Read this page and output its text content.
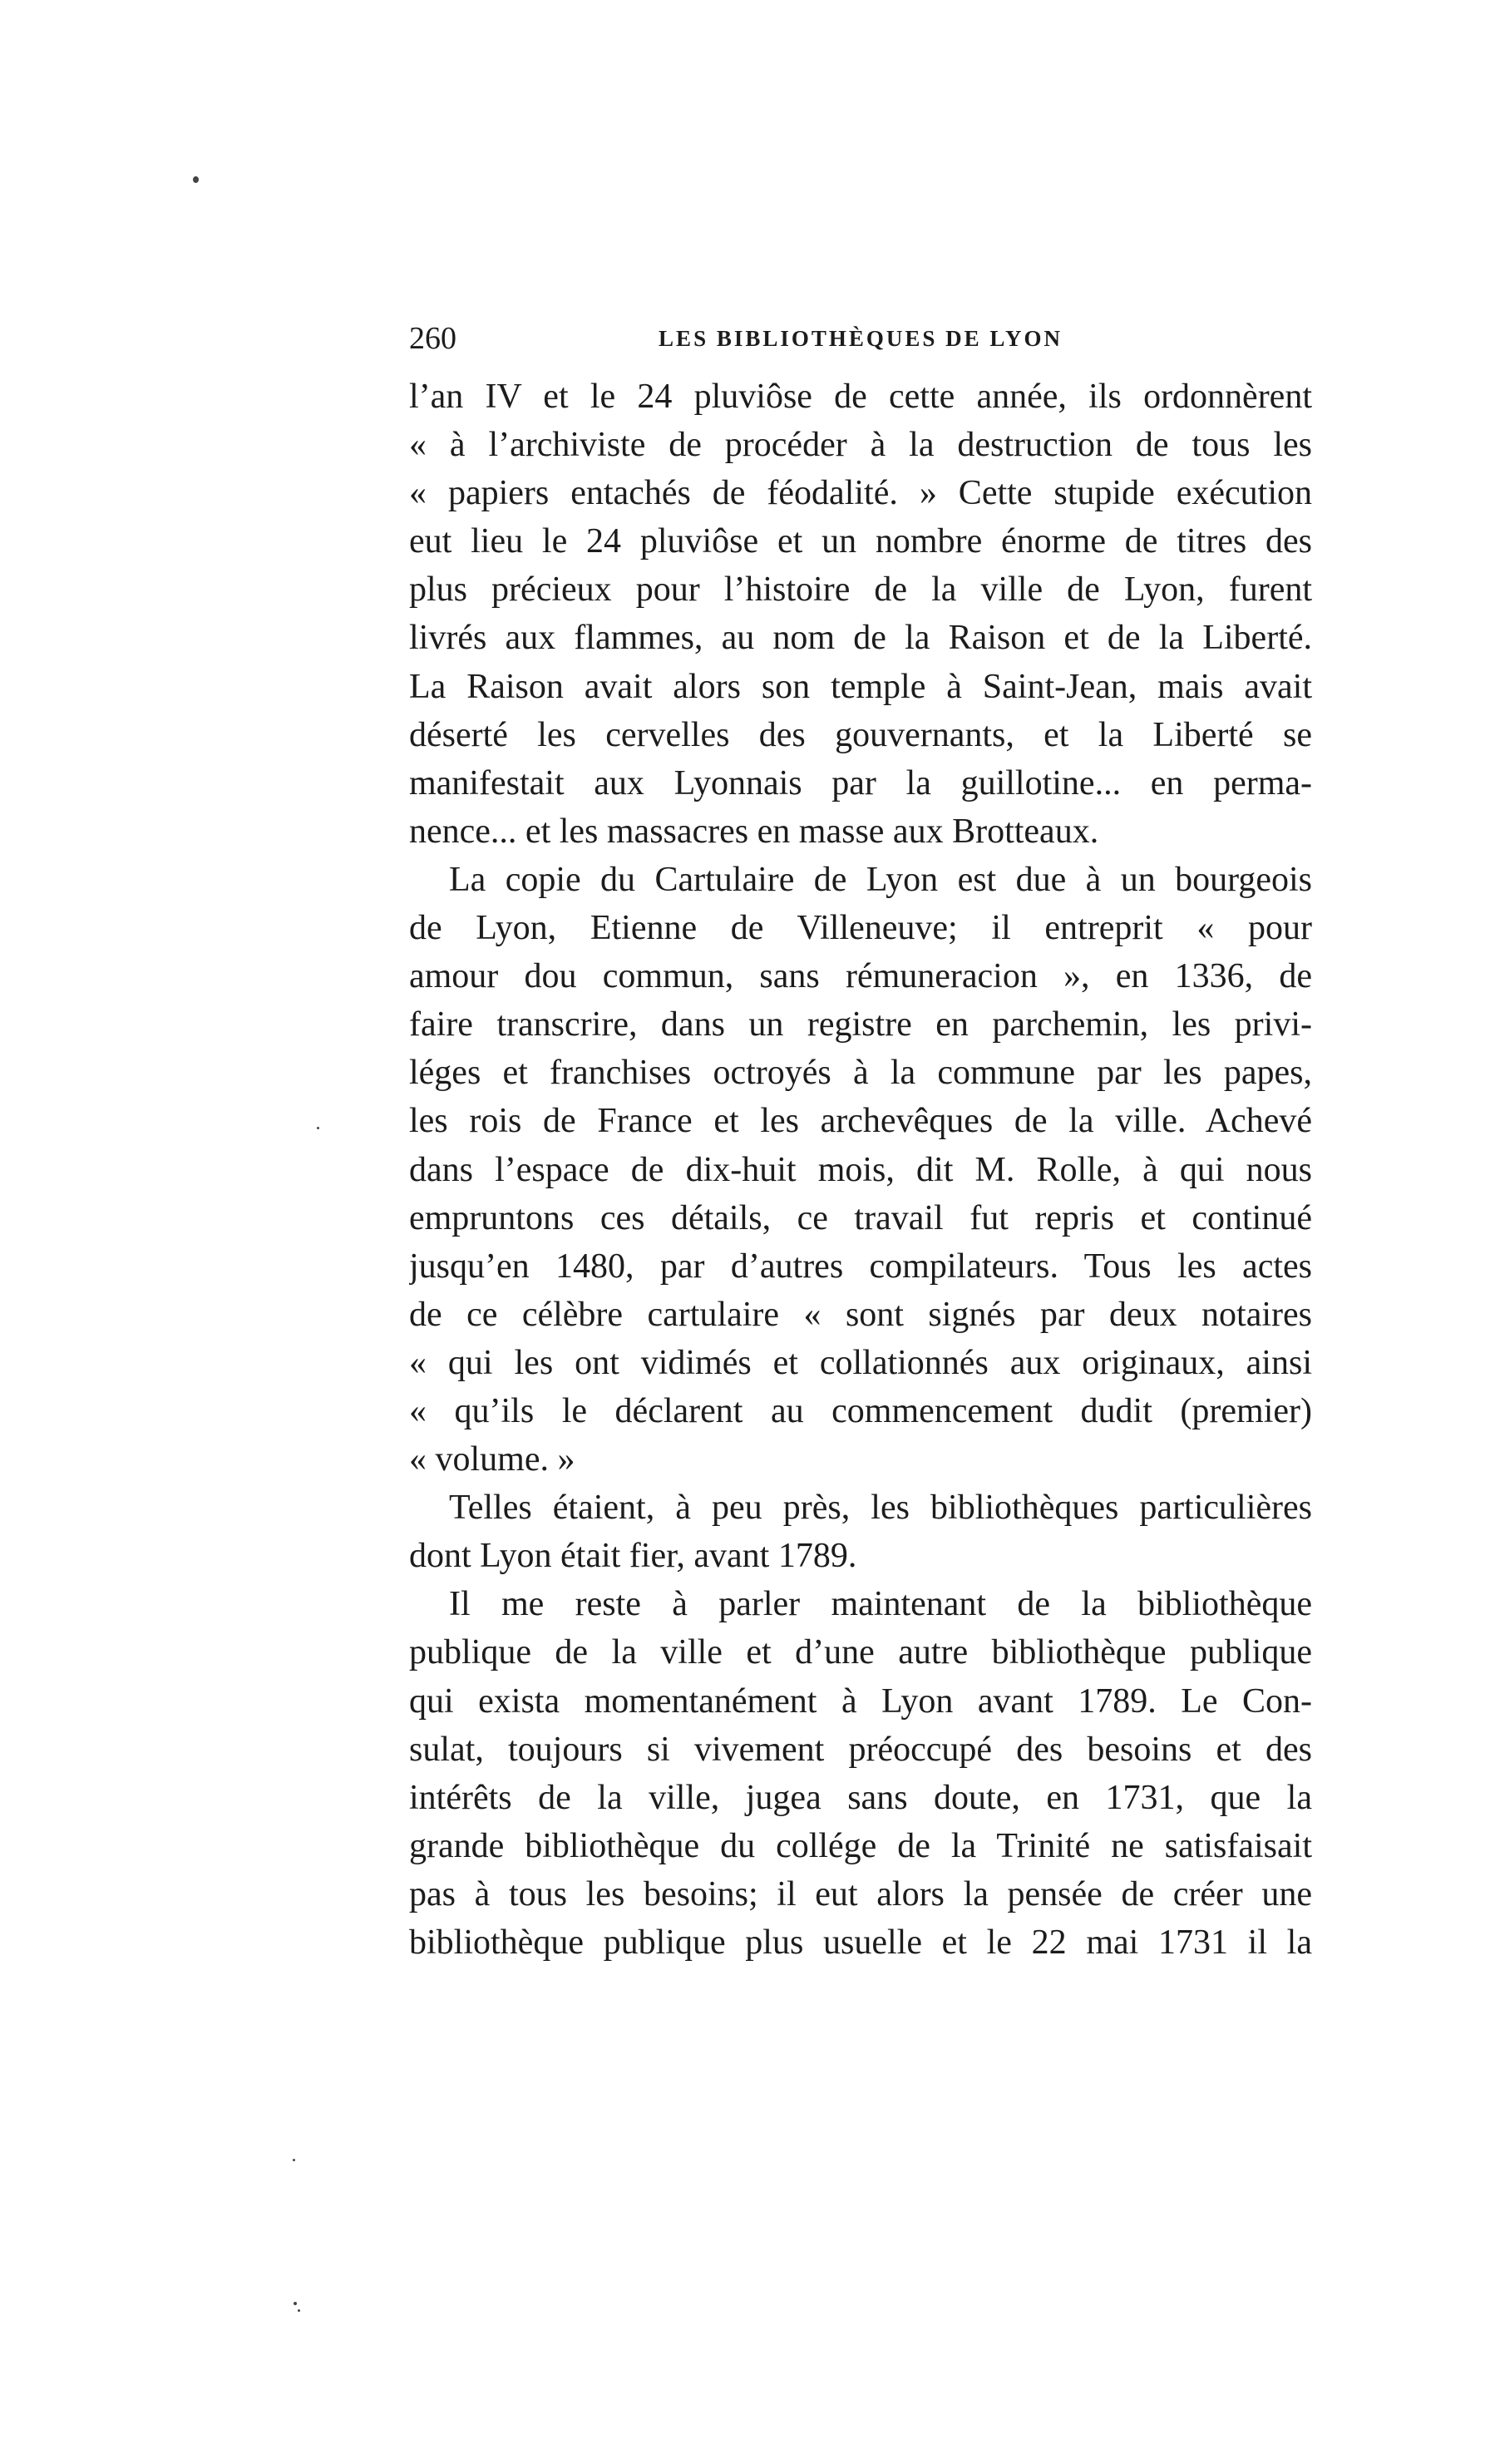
260	LES BIBLIOTHÈQUES DE LYON
l’an IV et le 24 pluviôse de cette année, ils ordonnèrent
« à l’archiviste de procéder à la destruction de tous les
« papiers entachés de féodalité. » Cette stupide exécution
eut lieu le 24 pluviôse et un nombre énorme de titres des
plus précieux pour l’histoire de la ville de Lyon, furent
livrés aux flammes, au nom de la Raison et de la Liberté.
La Raison avait alors son temple à Saint-Jean, mais avait
déserté les cervelles des gouvernants, et la Liberté se
manifestait aux Lyonnais par la guillotine... en perma-
nence... et les massacres en masse aux Brotteaux.
La copie du Cartulaire de Lyon est due à un bourgeois
de Lyon, Etienne de Villeneuve; il entreprit « pour
amour dou commun, sans rémuneracion », en 1336, de
faire transcrire, dans un registre en parchemin, les privi-
léges et franchises octroyés à la commune par les papes,
les rois de France et les archevêques de la ville. Achevé
dans l’espace de dix-huit mois, dit M. Rolle, à qui nous
empruntons ces détails, ce travail fut repris et continué
jusqu’en 1480, par d’autres compilateurs. Tous les actes
de ce célèbre cartulaire « sont signés par deux notaires
« qui les ont vidimés et collationnés aux originaux, ainsi
« qu’ils le déclarent au commencement dudit (premier)
« volume. »
Telles étaient, à peu près, les bibliothèques particulières
dont Lyon était fier, avant 1789.
Il me reste à parler maintenant de la bibliothèque
publique de la ville et d’une autre bibliothèque publique
qui exista momentanément à Lyon avant 1789. Le Con-
sulat, toujours si vivement préoccupé des besoins et des
intérêts de la ville, jugea sans doute, en 1731, que la
grande bibliothèque du collége de la Trinité ne satisfaisait
pas à tous les besoins; il eut alors la pensée de créer une
bibliothèque publique plus usuelle et le 22 mai 1731 il la
